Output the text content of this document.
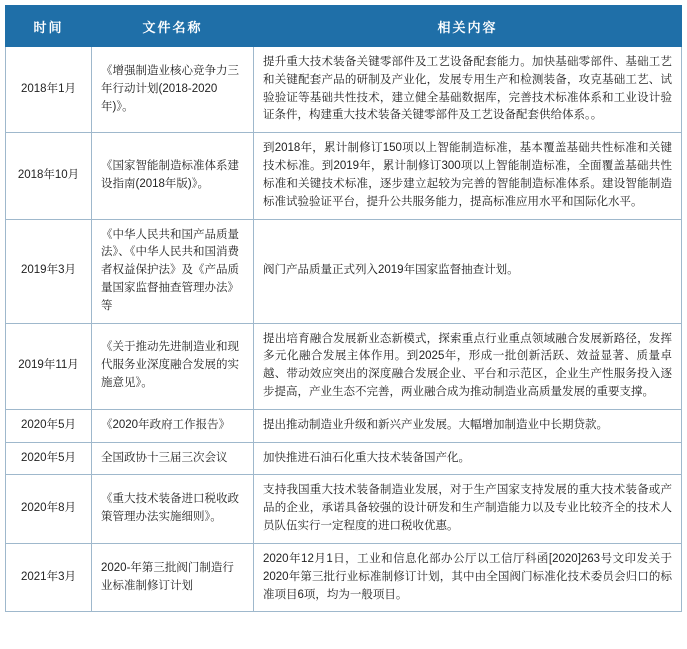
时间	文件名称	相关内容
2018年1月	《增强制造业核心竞争力三年行动计划(2018-2020年)》。	提升重大技术装备关键零部件及工艺设备配套能力。加快基础零部件、基础工艺和关键配套产品的研制及产业化，发展专用生产和检测装备，攻克基础工艺、试验验证等基础共性技术，建立健全基础数据库，完善技术标准体系和工业设计验证条件，构建重大技术装备关键零部件及工艺设备配套供给体系。。
2018年10月	《国家智能制造标准体系建设指南(2018年版)》。	到2018年，累计制修订150项以上智能制造标准，基本覆盖基础共性标准和关键技术标准。到2019年，累计制修订300项以上智能制造标准，全面覆盖基础共性标准和关键技术标准，逐步建立起较为完善的智能制造标准体系。建设智能制造标准试验验证平台，提升公共服务能力，提高标准应用水平和国际化水平。
2019年3月	《中华人民共和国产品质量法》、《中华人民共和国消费者权益保护法》及《产品质量国家监督抽查管理办法》等	阀门产品质量正式列入2019年国家监督抽查计划。
2019年11月	《关于推动先进制造业和现代服务业深度融合发展的实施意见》。	提出培育融合发展新业态新模式，探索重点行业重点领域融合发展新路径，发挥多元化融合发展主体作用。到2025年，形成一批创新活跃、效益显著、质量卓越、带动效应突出的深度融合发展企业、平台和示范区，企业生产性服务投入逐步提高，产业生态不完善，两业融合成为推动制造业高质量发展的重要支撑。
2020年5月	《2020年政府工作报告》	提出推动制造业升级和新兴产业发展。大幅增加制造业中长期贷款。
2020年5月	全国政协十三届三次会议	加快推进石油石化重大技术装备国产化。
2020年8月	《重大技术装备进口税收政策管理办法实施细则》。	支持我国重大技术装备制造业发展，对于生产国家支持发展的重大技术装备或产品的企业，承诺具备较强的设计研发和生产制造能力以及专业比较齐全的技术人员队伍实行一定程度的进口税收优惠。
2021年3月	2020-年第三批阀门制造行业标准制修订计划	2020年12月1日，工业和信息化部办公厅以工信厅科函[2020]263号文印发关于2020年第三批行业标准制修订计划，其中由全国阀门标准化技术委员会归口的标准项目6项，均为一般项目。
